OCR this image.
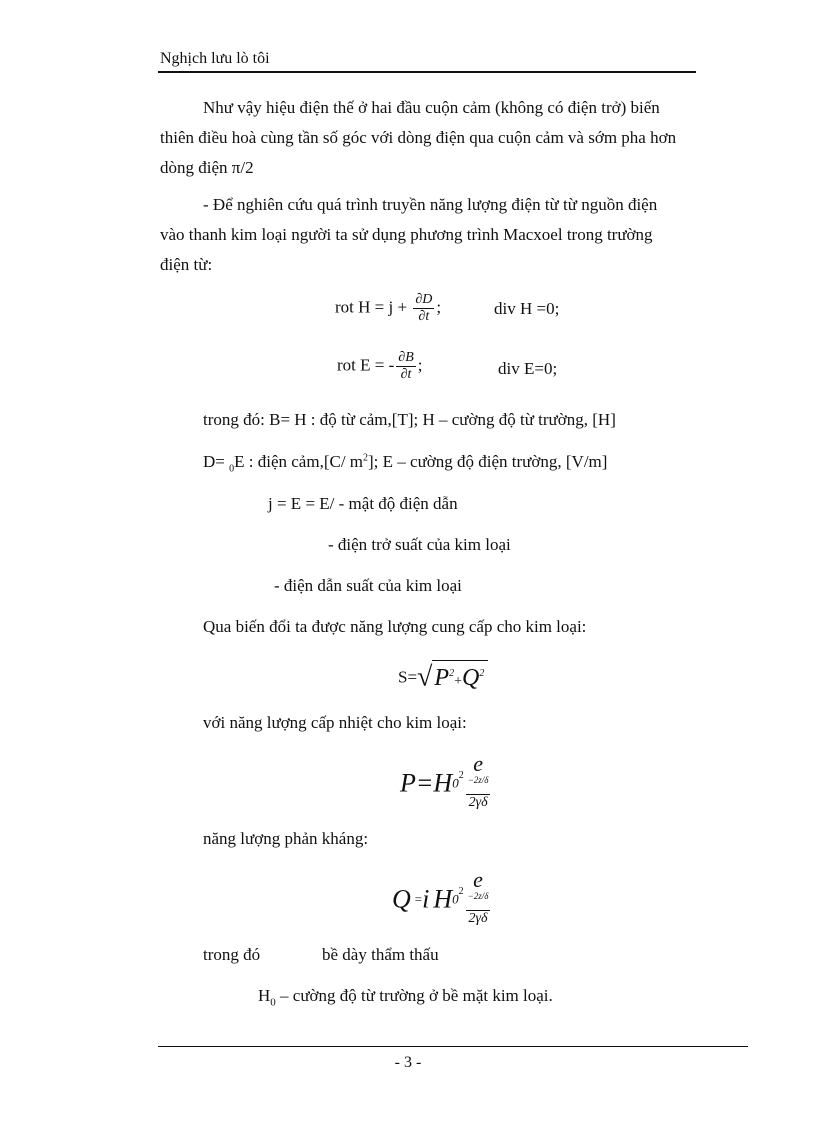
Nghịch lưu lò tôi
Như vậy hiệu điện thế ở hai đầu cuộn cảm (không có điện trở) biến
thiên điều hoà cùng tần số góc với dòng điện qua cuộn cảm và sớm pha hơn
dòng điện π/2
- Để nghiên cứu quá trình truyền năng lượng điện từ từ nguồn điện
vào thanh kim loại người ta sử dụng phương trình Macxoel trong trường
điện từ:
rot $H = j + \frac{\partial D}{\partial t}$ ;	div H =0;
rot E = - $\frac{\partial B}{\partial t}$ ;	div E=0;
trong đó: B= H : độ từ cảm,[T]; H – cường độ từ trường, [H]
D= $_0$E : điện cảm,[C/ $m^2$]; E – cường độ điện trường, [V/m]
j = E = E/ - mật độ điện dẫn
- điện trở suất của kim loại
- điện dẫn suất của kim loại
Qua biến đổi ta được năng lượng cung cấp cho kim loại:
$S=√P^2+Q^2$
với năng lượng cấp nhiệt cho kim loại:
$P=H0^2$ e
$^{-2z/\delta}$
2γδ
năng lượng phản kháng:
Q =i $H0^2$ e
$^{-2z/\delta}$
2γδ
trong đó	bề dày thẩm thấu
$H_0$ – cường độ từ trường ở bề mặt kim loại.
- 3 -
